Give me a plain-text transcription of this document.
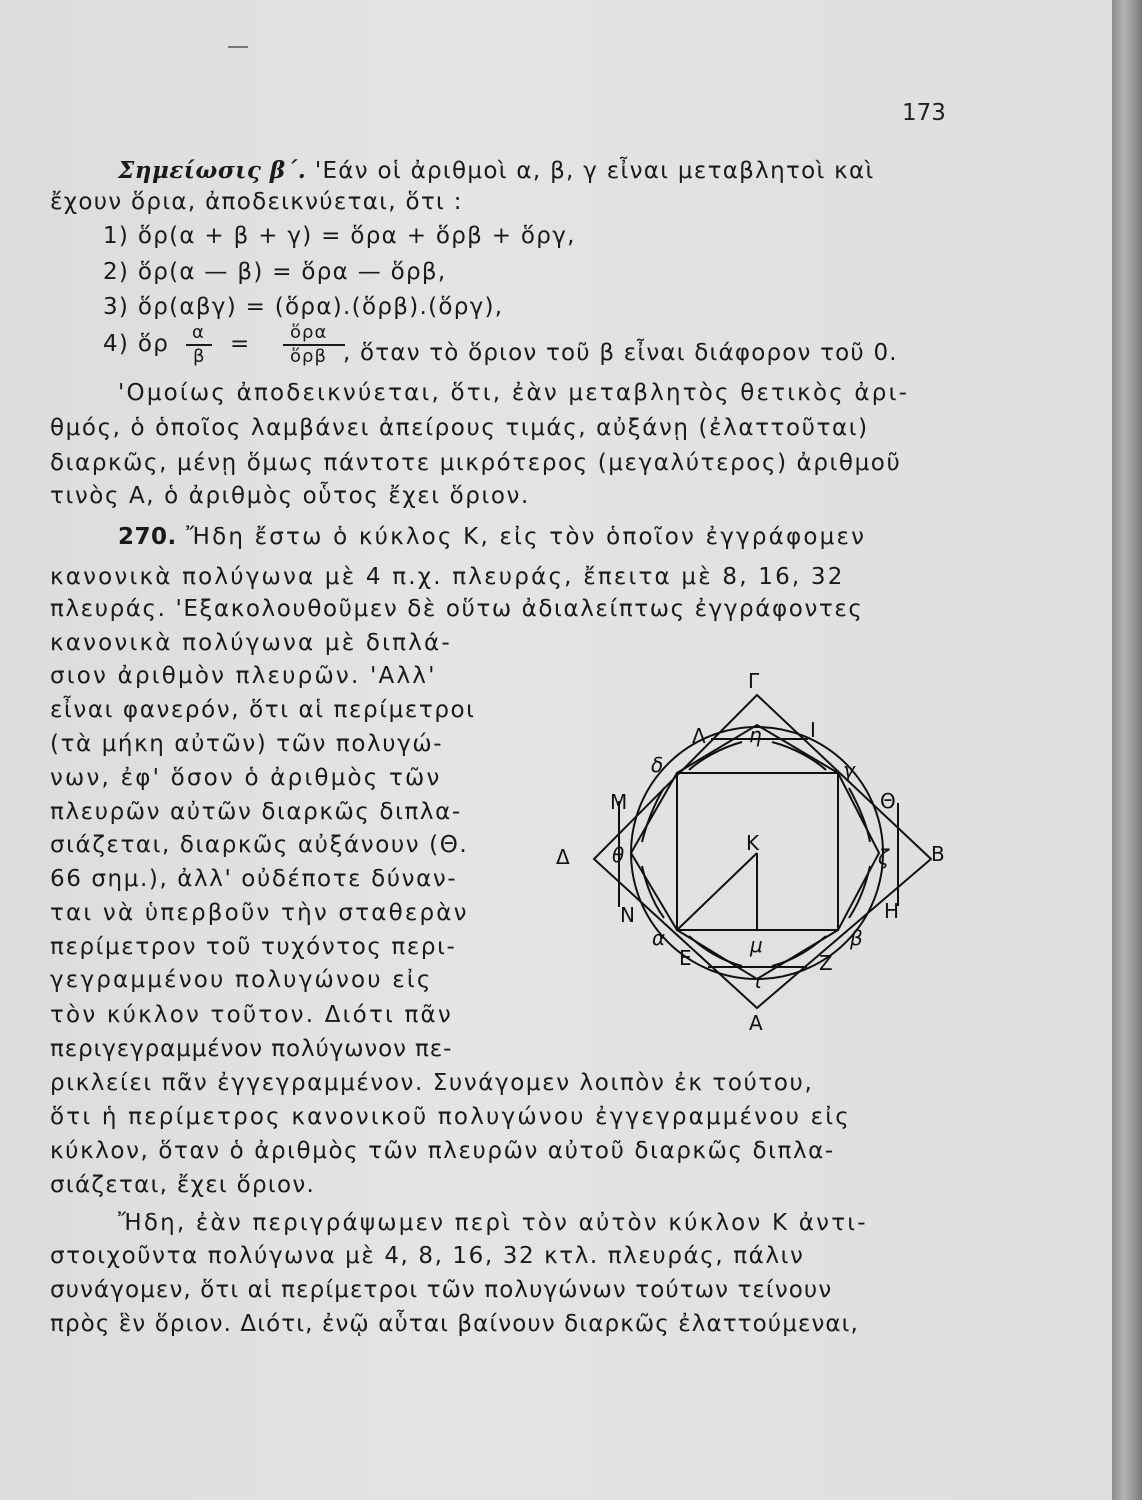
173
Σημείωσις β΄. 'Εάν οἱ ἀριθμοὶ α, β, γ εἶναι μεταβλητοὶ καὶ
ἔχουν ὅρια, ἀποδεικνύεται, ὅτι :
1) ὅρ(α + β + γ) = ὅρα + ὅρβ + ὅργ,
2) ὅρ(α — β) = ὅρα — ὅρβ,
3) ὅρ(αβγ) = (ὅρα).(ὅρβ).(ὅργ),
4) ὅρ α
β = ὅρα
ὅρβ , ὅταν τὸ ὅριον τοῦ β εἶναι διάφορον τοῦ 0.
'Ομοίως ἀποδεικνύεται, ὅτι, ἐὰν μεταβλητὸς θετικὸς ἀρι-
θμός, ὁ ὁποῖος λαμβάνει ἀπείρους τιμάς, αὐξάνῃ (ἐλαττοῦται)
διαρκῶς, μένῃ ὅμως πάντοτε μικρότερος (μεγαλύτερος) ἀριθμοῦ
τινὸς Α, ὁ ἀριθμὸς οὗτος ἔχει ὅριον.
270. Ἤδη ἔστω ὁ κύκλος Κ, εἰς τὸν ὁποῖον ἐγγράφομεν
κανονικὰ πολύγωνα μὲ 4 π.χ. πλευράς, ἔπειτα μὲ 8, 16, 32
πλευράς. 'Εξακολουθοῦμεν δὲ οὕτω ἀδιαλείπτως ἐγγράφοντες
κανονικὰ πολύγωνα μὲ διπλά-
σιον ἀριθμὸν πλευρῶν. 'Αλλ'
εἶναι φανερόν, ὅτι αἱ περίμετροι
(τὰ μήκη αὐτῶν) τῶν πολυγώ-
νων, ἐφ' ὅσον ὁ ἀριθμὸς τῶν
πλευρῶν αὐτῶν διαρκῶς διπλα-
σιάζεται, διαρκῶς αὐξάνουν (Θ.
66 σημ.), ἀλλ' οὐδέποτε δύναν-
ται νὰ ὑπερβοῦν τὴν σταθερὰν
περίμετρον τοῦ τυχόντος περι-
γεγραμμένου πολυγώνου εἰς
τὸν κύκλον τοῦτον. Διότι πᾶν
περιγεγραμμένον πολύγωνον πε-
ρικλείει πᾶν ἐγγεγραμμένον. Συνάγομεν λοιπὸν ἐκ τούτου,
ὅτι ἡ περίμετρος κανονικοῦ πολυγώνου ἐγγεγραμμένου εἰς
κύκλον, ὅταν ὁ ἀριθμὸς τῶν πλευρῶν αὐτοῦ διαρκῶς διπλα-
σιάζεται, ἔχει ὅριον.
Ἤδη, ἐὰν περιγράψωμεν περὶ τὸν αὐτὸν κύκλον Κ ἀντι-
στοιχοῦντα πολύγωνα μὲ 4, 8, 16, 32 κτλ. πλευράς, πάλιν
συνάγομεν, ὅτι αἱ περίμετροι τῶν πολυγώνων τούτων τείνουν
πρὸς ἓν ὅριον. Διότι, ἐνῷ αὗται βαίνουν διαρκῶς ἐλαττούμεναι,
Γ
Λ η Ι
δ	γ
Μ	Θ
Δ θ	Κ
ζ Β
Ν	Η
α	μ	β
Ε	Ζ
ι
Α
